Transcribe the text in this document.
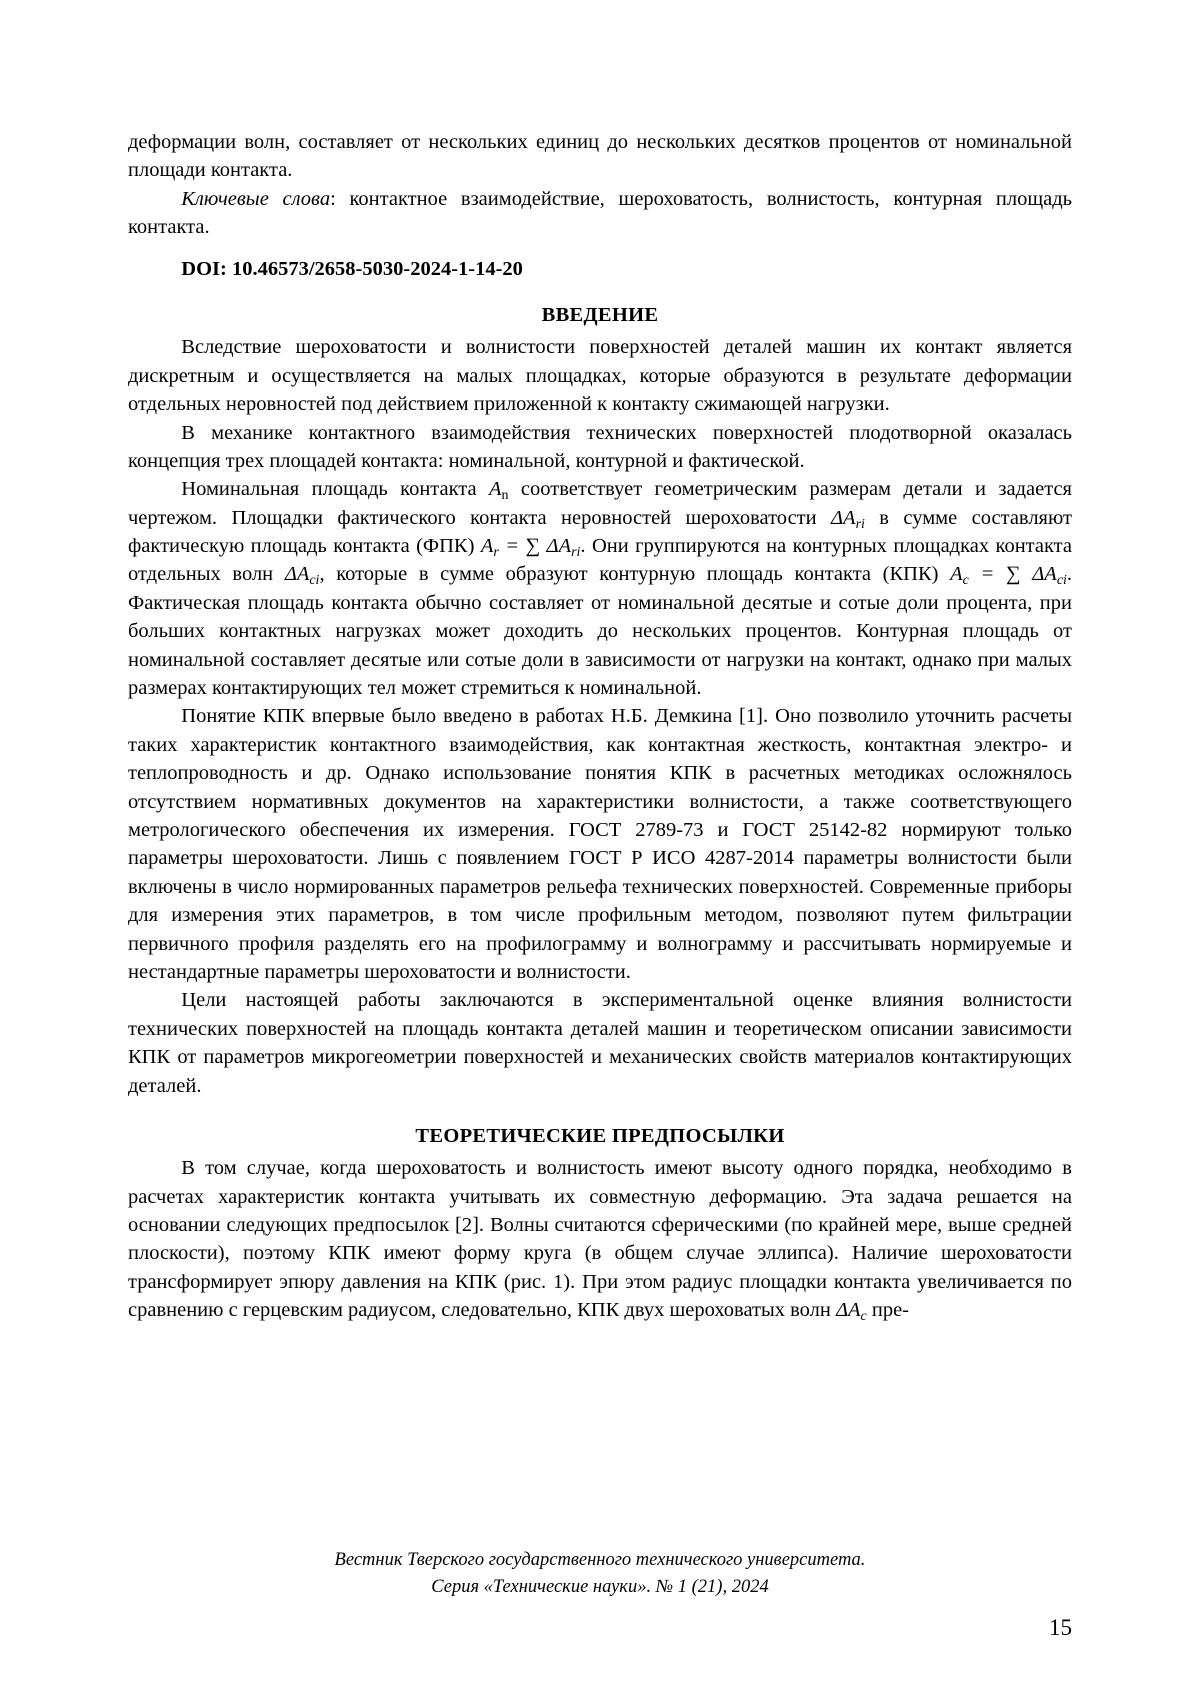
деформации волн, составляет от нескольких единиц до нескольких десятков процентов от номинальной площади контакта.

Ключевые слова: контактное взаимодействие, шероховатость, волнистость, контурная площадь контакта.

DOI: 10.46573/2658-5030-2024-1-14-20

ВВЕДЕНИЕ

Вследствие шероховатости и волнистости поверхностей деталей машин их контакт является дискретным и осуществляется на малых площадках, которые образуются в результате деформации отдельных неровностей под действием приложенной к контакту сжимающей нагрузки.

В механике контактного взаимодействия технических поверхностей плодотворной оказалась концепция трех площадей контакта: номинальной, контурной и фактической.

Номинальная площадь контакта $A_n$ соответствует геометрическим размерам детали и задается чертежом. Площадки фактического контакта неровностей шероховатости $\Delta A_{ri}$ в сумме составляют фактическую площадь контакта (ФПК) $A_r$ = ∑ $\Delta A_{ri}$. Они группируются на контурных площадках контакта отдельных волн $\Delta A_{ci}$, которые в сумме образуют контурную площадь контакта (КПК) $A_c$ = ∑ $\Delta A_{ci}$. Фактическая площадь контакта обычно составляет от номинальной десятые и сотые доли процента, при больших контактных нагрузках может доходить до нескольких процентов. Контурная площадь от номинальной составляет десятые или сотые доли в зависимости от нагрузки на контакт, однако при малых размерах контактирующих тел может стремиться к номинальной.

Понятие КПК впервые было введено в работах Н.Б. Демкина [1]. Оно позволило уточнить расчеты таких характеристик контактного взаимодействия, как контактная жесткость, контактная электро- и теплопроводность и др. Однако использование понятия КПК в расчетных методиках осложнялось отсутствием нормативных документов на характеристики волнистости, а также соответствующего метрологического обеспечения их измерения. ГОСТ 2789-73 и ГОСТ 25142-82 нормируют только параметры шероховатости. Лишь с появлением ГОСТ Р ИСО 4287-2014 параметры волнистости были включены в число нормированных параметров рельефа технических поверхностей. Современные приборы для измерения этих параметров, в том числе профильным методом, позволяют путем фильтрации первичного профиля разделять его на профилограмму и волнограмму и рассчитывать нормируемые и нестандартные параметры шероховатости и волнистости.

Цели настоящей работы заключаются в экспериментальной оценке влияния волнистости технических поверхностей на площадь контакта деталей машин и теоретическом описании зависимости КПК от параметров микрогеометрии поверхностей и механических свойств материалов контактирующих деталей.

ТЕОРЕТИЧЕСКИЕ ПРЕДПОСЫЛКИ

В том случае, когда шероховатость и волнистость имеют высоту одного порядка, необходимо в расчетах характеристик контакта учитывать их совместную деформацию. Эта задача решается на основании следующих предпосылок [2]. Волны считаются сферическими (по крайней мере, выше средней плоскости), поэтому КПК имеют форму круга (в общем случае эллипса). Наличие шероховатости трансформирует эпюру давления на КПК (рис. 1). При этом радиус площадки контакта увеличивается по сравнению с герцевским радиусом, следовательно, КПК двух шероховатых волн $\Delta A_c$ пре-

Вестник Тверского государственного технического университета.
Серия «Технические науки». № 1 (21), 2024
15
